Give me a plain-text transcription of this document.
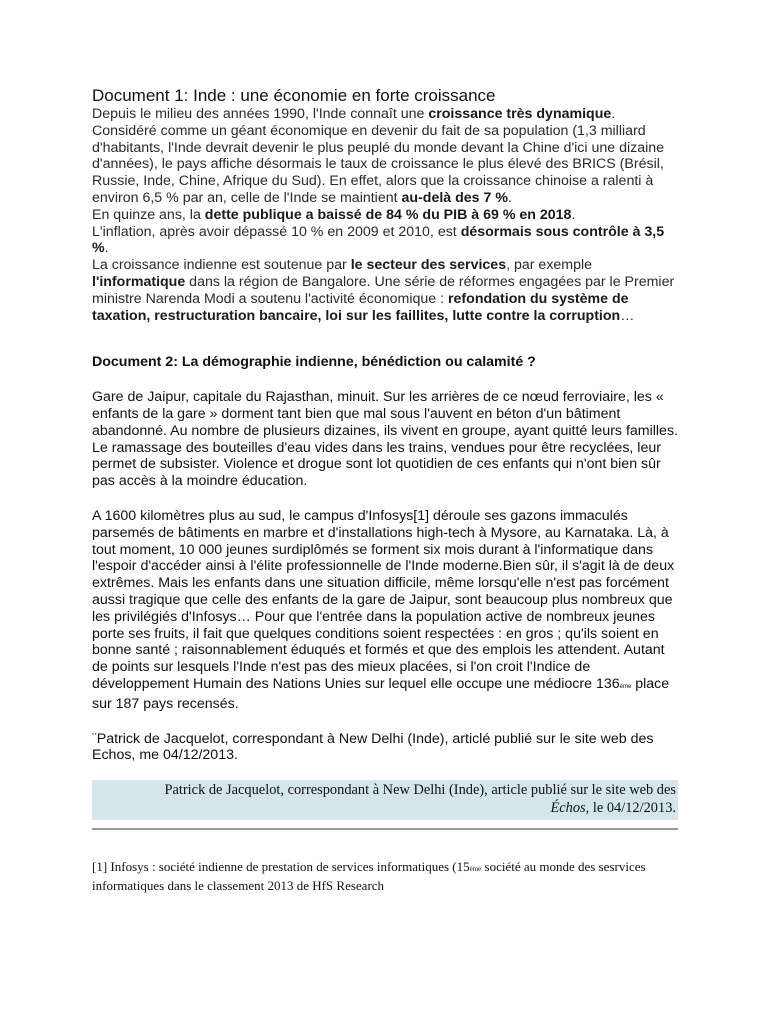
Document 1: Inde : une économie en forte croissance

Depuis le milieu des années 1990, l'Inde connaît une croissance très dynamique. Considéré comme un géant économique en devenir du fait de sa population (1,3 milliard d'habitants, l'Inde devrait devenir le plus peuplé du monde devant la Chine d'ici une dizaine d'années), le pays affiche désormais le taux de croissance le plus élevé des BRICS (Brésil, Russie, Inde, Chine, Afrique du Sud). En effet, alors que la croissance chinoise a ralenti à environ 6,5 % par an, celle de l'Inde se maintient au-delà des 7 %.

En quinze ans, la dette publique a baissé de 84 % du PIB à 69 % en 2018.

L'inflation, après avoir dépassé 10 % en 2009 et 2010, est désormais sous contrôle à 3,5 %.

La croissance indienne est soutenue par le secteur des services, par exemple l'informatique dans la région de Bangalore. Une série de réformes engagées par le Premier ministre Narenda Modi a soutenu l'activité économique : refondation du système de taxation, restructuration bancaire, loi sur les faillites, lutte contre la corruption…

Document 2: La démographie indienne, bénédiction ou calamité ?

Gare de Jaipur, capitale du Rajasthan, minuit. Sur les arrières de ce nœud ferroviaire, les « enfants de la gare » dorment tant bien que mal sous l'auvent en béton d'un bâtiment abandonné. Au nombre de plusieurs dizaines, ils vivent en groupe, ayant quitté leurs familles. Le ramassage des bouteilles d'eau vides dans les trains, vendues pour être recyclées, leur permet de subsister. Violence et drogue sont lot quotidien de ces enfants qui n'ont bien sûr pas accès à la moindre éducation.

A 1600 kilomètres plus au sud, le campus d'Infosys[1] déroule ses gazons immaculés parsemés de bâtiments en marbre et d'installations high-tech à Mysore, au Karnataka. Là, à tout moment, 10 000 jeunes surdiplômés se forment six mois durant à l'informatique dans l'espoir d'accéder ainsi à l'élite professionnelle de l'Inde moderne.Bien sûr, il s'agit là de deux extrêmes. Mais les enfants dans une situation difficile, même lorsqu'elle n'est pas forcément aussi tragique que celle des enfants de la gare de Jaipur, sont beaucoup plus nombreux que les privilégiés d'Infosys… Pour que l'entrée dans la population active de nombreux jeunes porte ses fruits, il fait que quelques conditions soient respectées : en gros ; qu'ils soient en bonne santé ; raisonnablement éduqués et formés et que des emplois les attendent. Autant de points sur lesquels l'Inde n'est pas des mieux placées, si l'on croit l'Indice de développement Humain des Nations Unies sur lequel elle occupe une médiocre 136ème place sur 187 pays recensés.

¨Patrick de Jacquelot, correspondant à New Delhi (Inde), articlé publié sur le site web des Echos, me 04/12/2013.

Patrick de Jacquelot, correspondant à New Delhi (Inde), article publié sur le site web des
Échos, le 04/12/2013.
[1] Infosys : société indienne de prestation de services informatiques (15ème société au monde des sesrvices informatiques dans le classement 2013 de HfS Research
